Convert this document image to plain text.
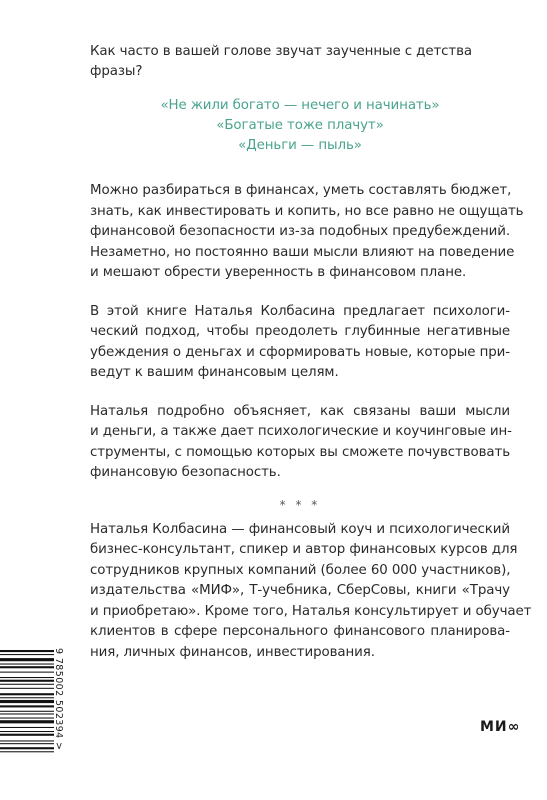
Как часто в вашей голове звучат заученные с детства фразы?

«Не жили богато — нечего и начинать»
«Богатые тоже плачут»
«Деньги — пыль»
Можно разбираться в финансах, уметь составлять бюджет,
знать, как инвестировать и копить, но все равно не ощущать
финансовой безопасности из-за подобных предубеждений.
Незаметно, но постоянно ваши мысли влияют на поведение
и мешают обрести уверенность в финансовом плане.
В этой книге Наталья Колбасина предлагает психологи-
ческий подход, чтобы преодолеть глубинные негативные
убеждения о деньгах и сформировать новые, которые при-
ведут к вашим финансовым целям.
Наталья подробно объясняет, как связаны ваши мысли
и деньги, а также дает психологические и коучинговые ин-
струменты, с помощью которых вы сможете почувствовать
финансовую безопасность.
* * *
Наталья Колбасина — финансовый коуч и психологический
бизнес-консультант, спикер и автор финансовых курсов для
сотрудников крупных компаний (более 60 000 участников),
издательства «МИФ», Т-учебника, СберСовы, книги «Трачу
и приобретаю». Кроме того, Наталья консультирует и обучает
клиентов в сфере персонального финансового планирова-
ния, личных финансов, инвестирования.
9 785002 502394 >
МИ∞
